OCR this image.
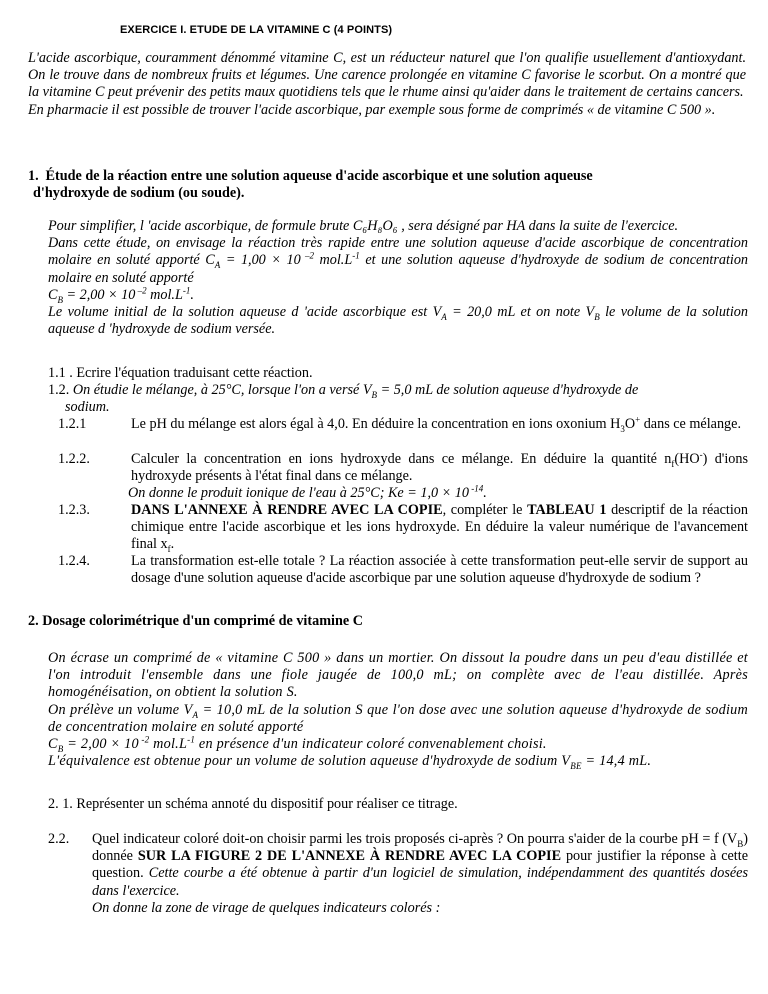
EXERCICE I. ETUDE DE LA VITAMINE C (4 POINTS)
L'acide ascorbique, couramment dénommé vitamine C, est un réducteur naturel que l'on qualifie usuellement d'antioxydant. On le trouve dans de nombreux fruits et légumes. Une carence prolongée en vitamine C favorise le scorbut. On a montré que la vitamine C peut prévenir des petits maux quotidiens tels que le rhume ainsi qu'aider dans le traitement de certains cancers.
En pharmacie il est possible de trouver l'acide ascorbique, par exemple sous forme de comprimés « de vitamine C 500 ».
1. Étude de la réaction entre une solution aqueuse d'acide ascorbique et une solution aqueuse
d'hydroxyde de sodium (ou soude).
Pour simplifier, l 'acide ascorbique, de formule brute C₆H₈O₆ , sera désigné par HA dans la suite de l'exercice.
Dans cette étude, on envisage la réaction très rapide entre une solution aqueuse d'acide ascorbique de concentration molaire en soluté apporté $C_A = 1,00 \times 10$ $^{-2}$ $mol.L^{-1}$ et une solution aqueuse d'hydroxyde de sodium de concentration molaire en soluté apporté
$C_B = 2,00 \times 10$ $^{-2}$ $mol.L^{-1}$.
Le volume initial de la solution aqueuse d 'acide ascorbique est $V_A = 20,0$ mL et on note $V_B$ le volume de la solution aqueuse d 'hydroxyde de sodium versée.
1.1 . Ecrire l'équation traduisant cette réaction.
1.2. On étudie le mélange, à 25°C, lorsque l'on a versé $V_B = 5,0$ mL de solution aqueuse d'hydroxyde de
sodium.
1.2.1	Le pH du mélange est alors égal à 4,0. En déduire la concentration en ions oxonium $H_3O^+$ dans ce mélange.
1.2.2.	Calculer la concentration en ions hydroxyde dans ce mélange. En déduire la quantité $n_f(HO^-)$ d'ions hydroxyde présents à l'état final dans ce mélange.
On donne le produit ionique de l'eau à 25°C; Ke = 1,0 × 10 $^{-14}$.
1.2.3.	DANS L'ANNEXE À RENDRE AVEC LA COPIE, compléter le TABLEAU 1 descriptif de la réaction chimique entre l'acide ascorbique et les ions hydroxyde. En déduire la valeur numérique de l'avancement final $x_f$.
1.2.4.	La transformation est-elle totale ? La réaction associée à cette transformation peut-elle servir de support au dosage d'une solution aqueuse d'acide ascorbique par une solution aqueuse d'hydroxyde de sodium ?
2. Dosage colorimétrique d'un comprimé de vitamine C
On écrase un comprimé de « vitamine C 500 » dans un mortier. On dissout la poudre dans un peu d'eau distillée et l'on introduit l'ensemble dans une fiole jaugée de 100,0 mL; on complète avec de l'eau distillée. Après homogénéisation, on obtient la solution S.
On prélève un volume $V_A = 10,0$ mL de la solution S que l'on dose avec une solution aqueuse d'hydroxyde de sodium de concentration molaire en soluté apporté
$C_B = 2,00 \times 10$ $^{-2}$ $mol.L^{-1}$ en présence d'un indicateur coloré convenablement choisi.
L'équivalence est obtenue pour un volume de solution aqueuse d'hydroxyde de sodium $V_{BE} = 14,4$ mL.
2. 1. Représenter un schéma annoté du dispositif pour réaliser ce titrage.
2.2. Quel indicateur coloré doit-on choisir parmi les trois proposés ci-après ? On pourra s'aider de la courbe pH = f $(V_B)$ donnée SUR LA FIGURE 2 DE L'ANNEXE À RENDRE AVEC LA COPIE pour justifier la réponse à cette question. Cette courbe a été obtenue à partir d'un logiciel de simulation, indépendamment des quantités dosées dans l'exercice.
On donne la zone de virage de quelques indicateurs colorés :
